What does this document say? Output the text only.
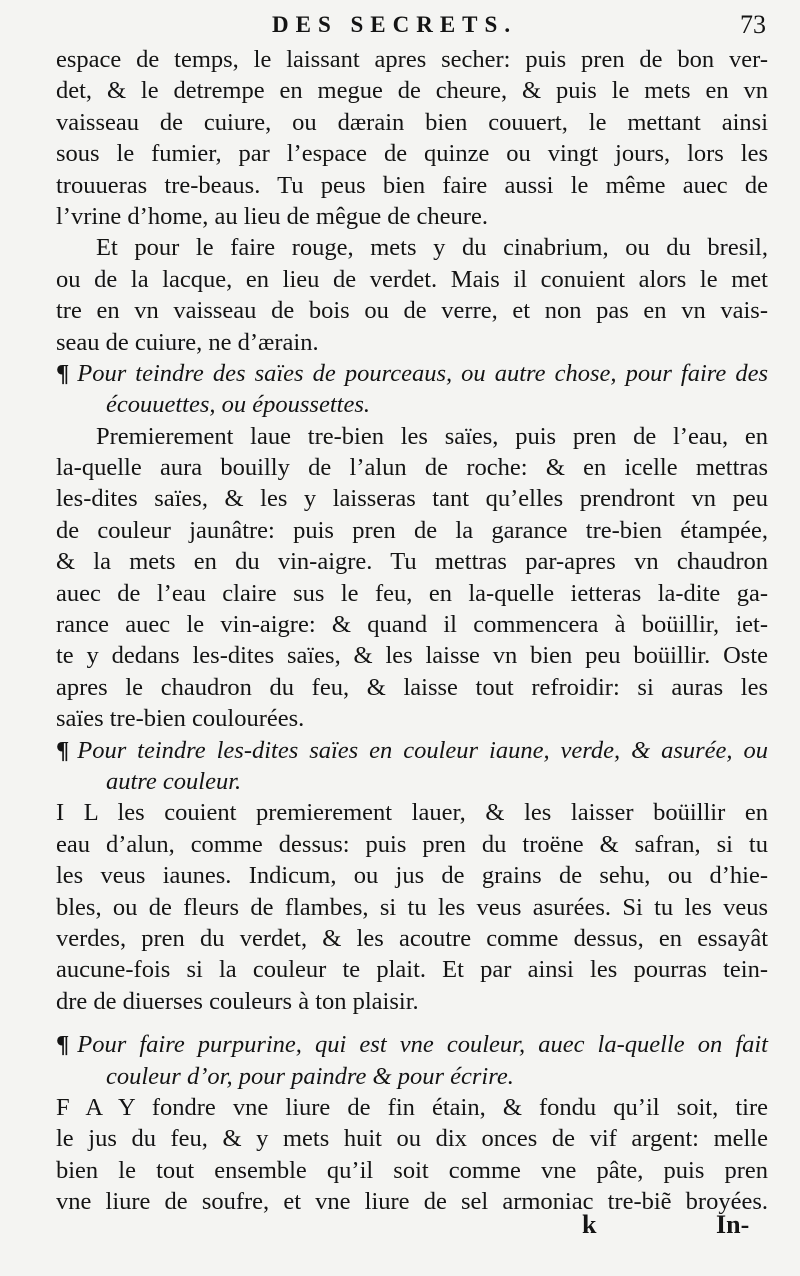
DES SECRETS.	73
espace de temps, le laissant apres secher: puis pren de bon ver-
det, & le detrempe en megue de cheure, & puis le mets en vn
vaisseau de cuiure, ou dærain bien couuert, le mettant ainsi
sous le fumier, par l’espace de quinze ou vingt jours, lors les
trouueras tre-beaus. Tu peus bien faire aussi le même auec de
l’vrine d’home, au lieu de mêgue de cheure.
Et pour le faire rouge, mets y du cinabrium, ou du bresil,
ou de la lacque, en lieu de verdet. Mais il conuient alors le met
tre en vn vaisseau de bois ou de verre, et non pas en vn vais-
seau de cuiure, ne d’ærain.
¶ Pour teindre des saïes de pourceaus, ou autre chose, pour faire des
écouuettes, ou époussettes.
Premierement laue tre-bien les saïes, puis pren de l’eau, en
la-quelle aura bouilly de l’alun de roche: & en icelle mettras
les-dites saïes, & les y laisseras tant qu’elles prendront vn peu
de couleur jaunâtre: puis pren de la garance tre-bien étampée,
& la mets en du vin-aigre. Tu mettras par-apres vn chaudron
auec de l’eau claire sus le feu, en la-quelle ietteras la-dite ga-
rance auec le vin-aigre: & quand il commencera à boüillir, iet-
te y dedans les-dites saïes, & les laisse vn bien peu boüillir. Oste
apres le chaudron du feu, & laisse tout refroidir: si auras les
saïes tre-bien coulourées.
¶ Pour teindre les-dites saïes en couleur iaune, verde, & asurée, ou
autre couleur.
I L les couient premierement lauer, & les laisser boüillir en
eau d’alun, comme dessus: puis pren du troëne & safran, si tu
les veus iaunes. Indicum, ou jus de grains de sehu, ou d’hie-
bles, ou de fleurs de flambes, si tu les veus asurées. Si tu les veus
verdes, pren du verdet, & les acoutre comme dessus, en essayât
aucune-fois si la couleur te plait. Et par ainsi les pourras tein-
dre de diuerses couleurs à ton plaisir.
¶ Pour faire purpurine, qui est vne couleur, auec la-quelle on fait
couleur d’or, pour paindre & pour écrire.
F A Y fondre vne liure de fin étain, & fondu qu’il soit, tire
le jus du feu, & y mets huit ou dix onces de vif argent: melle
bien le tout ensemble qu’il soit comme vne pâte, puis pren
vne liure de soufre, et vne liure de sel armoniac tre-biẽ broyées.
k	In-
